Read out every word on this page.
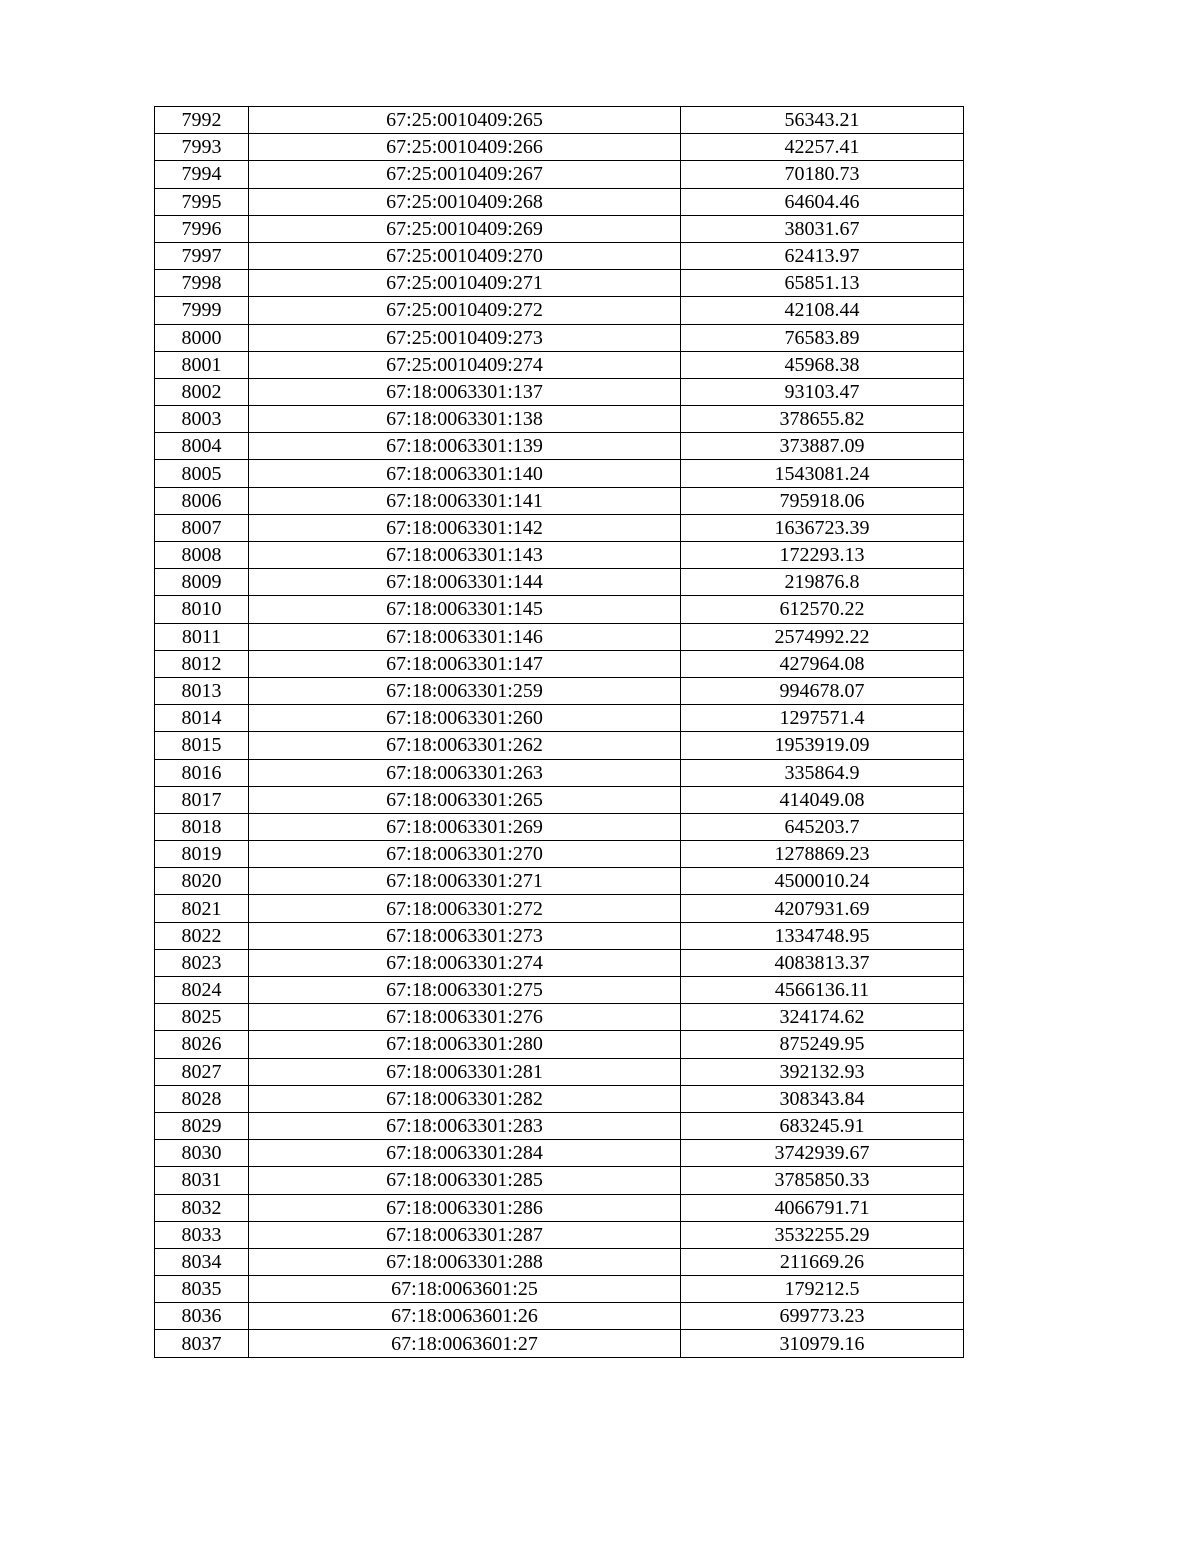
7992	67:25:0010409:265	56343.21
7993	67:25:0010409:266	42257.41
7994	67:25:0010409:267	70180.73
7995	67:25:0010409:268	64604.46
7996	67:25:0010409:269	38031.67
7997	67:25:0010409:270	62413.97
7998	67:25:0010409:271	65851.13
7999	67:25:0010409:272	42108.44
8000	67:25:0010409:273	76583.89
8001	67:25:0010409:274	45968.38
8002	67:18:0063301:137	93103.47
8003	67:18:0063301:138	378655.82
8004	67:18:0063301:139	373887.09
8005	67:18:0063301:140	1543081.24
8006	67:18:0063301:141	795918.06
8007	67:18:0063301:142	1636723.39
8008	67:18:0063301:143	172293.13
8009	67:18:0063301:144	219876.8
8010	67:18:0063301:145	612570.22
8011	67:18:0063301:146	2574992.22
8012	67:18:0063301:147	427964.08
8013	67:18:0063301:259	994678.07
8014	67:18:0063301:260	1297571.4
8015	67:18:0063301:262	1953919.09
8016	67:18:0063301:263	335864.9
8017	67:18:0063301:265	414049.08
8018	67:18:0063301:269	645203.7
8019	67:18:0063301:270	1278869.23
8020	67:18:0063301:271	4500010.24
8021	67:18:0063301:272	4207931.69
8022	67:18:0063301:273	1334748.95
8023	67:18:0063301:274	4083813.37
8024	67:18:0063301:275	4566136.11
8025	67:18:0063301:276	324174.62
8026	67:18:0063301:280	875249.95
8027	67:18:0063301:281	392132.93
8028	67:18:0063301:282	308343.84
8029	67:18:0063301:283	683245.91
8030	67:18:0063301:284	3742939.67
8031	67:18:0063301:285	3785850.33
8032	67:18:0063301:286	4066791.71
8033	67:18:0063301:287	3532255.29
8034	67:18:0063301:288	211669.26
8035	67:18:0063601:25	179212.5
8036	67:18:0063601:26	699773.23
8037	67:18:0063601:27	310979.16
